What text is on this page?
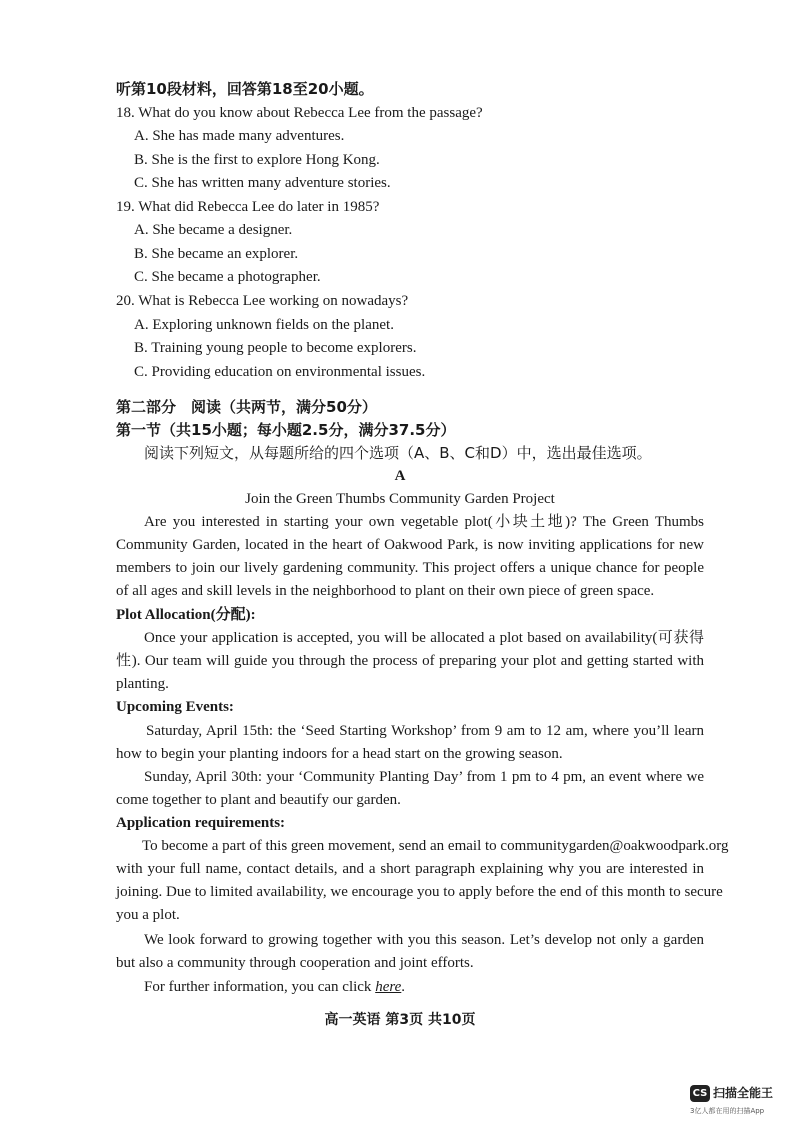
听第10段材料，回答第18至20小题。
18. What do you know about Rebecca Lee from the passage?
A. She has made many adventures.
B. She is the first to explore Hong Kong.
C. She has written many adventure stories.
19. What did Rebecca Lee do later in 1985?
A. She became a designer.
B. She became an explorer.
C. She became a photographer.
20. What is Rebecca Lee working on nowadays?
A. Exploring unknown fields on the planet.
B. Training young people to become explorers.
C. Providing education on environmental issues.
第二部分　阅读（共两节，满分50分）
第一节（共15小题；每小题2.5分，满分37.5分）
阅读下列短文，从每题所给的四个选项（A、B、C和D）中，选出最佳选项。
A
Join the Green Thumbs Community Garden Project
Are you interested in starting your own vegetable plot(小块土地)? The Green Thumbs
Community Garden, located in the heart of Oakwood Park, is now inviting applications for new
members to join our lively gardening community. This project offers a unique chance for people
of all ages and skill levels in the neighborhood to plant on their own piece of green space.
Plot Allocation(分配):
Once your application is accepted, you will be allocated a plot based on availability(可获得
性). Our team will guide you through the process of preparing your plot and getting started with
planting.
Upcoming Events:
Saturday, April 15th: the ‘Seed Starting Workshop’ from 9 am to 12 am, where you’ll learn
how to begin your planting indoors for a head start on the growing season.
Sunday, April 30th: your ‘Community Planting Day’ from 1 pm to 4 pm, an event where we
come together to plant and beautify our garden.
Application requirements:
To become a part of this green movement, send an email to communitygarden@oakwoodpark.org
with your full name, contact details, and a short paragraph explaining why you are interested in
joining. Due to limited availability, we encourage you to apply before the end of this month to secure
you a plot.
We look forward to growing together with you this season. Let’s develop not only a garden
but also a community through cooperation and joint efforts.
For further information, you can click here.
高一英语 第3页 共10页
CS 扫描全能王
3亿人都在用的扫描App
